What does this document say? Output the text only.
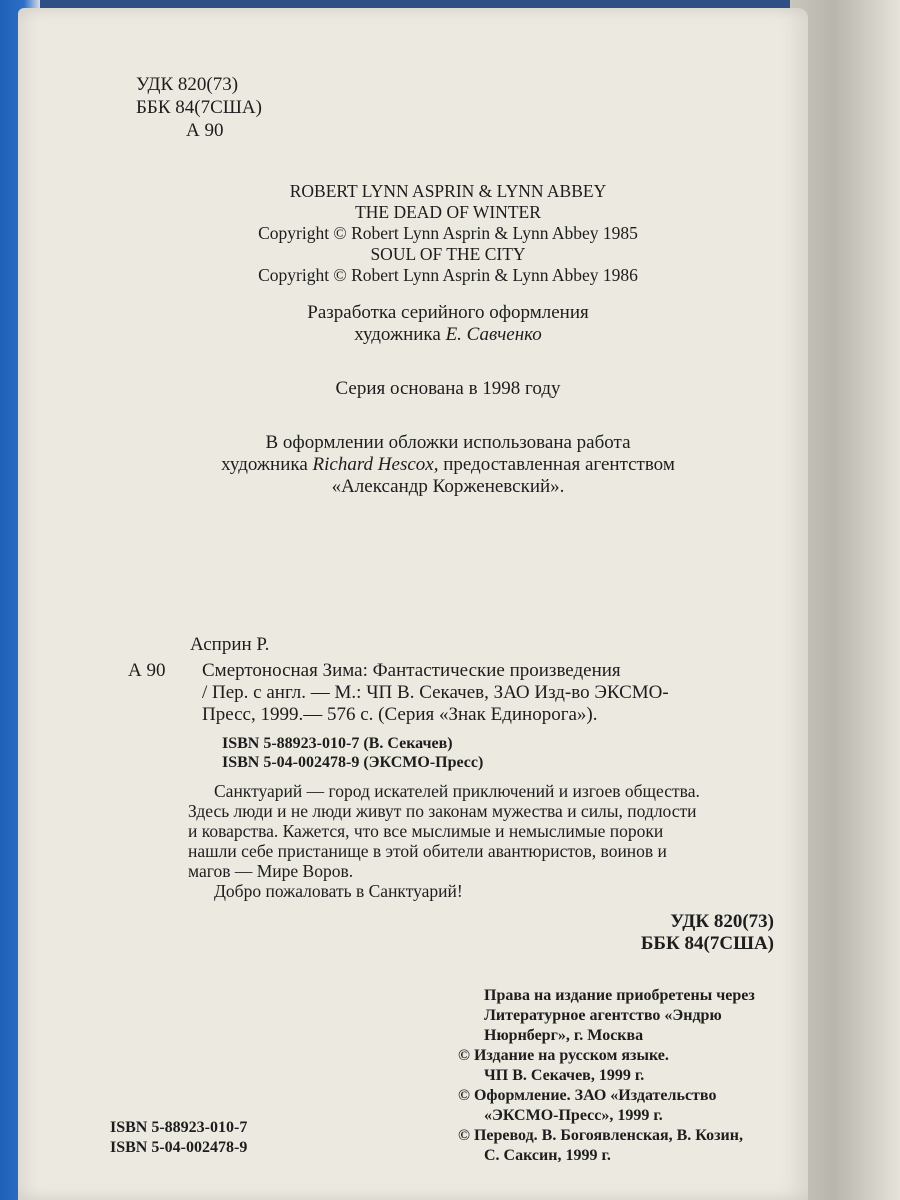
УДК 820(73)
ББК 84(7США)
А 90
ROBERT LYNN ASPRIN & LYNN ABBEY
THE DEAD OF WINTER
Copyright © Robert Lynn Asprin & Lynn Abbey 1985
SOUL OF THE CITY
Copyright © Robert Lynn Asprin & Lynn Abbey 1986
Разработка серийного оформления
художника Е. Савченко
Серия основана в 1998 году
В оформлении обложки использована работа
художника Richard Hescox, предоставленная агентством
«Александр Корженевский».
Асприн Р.
А 90 Смертоносная Зима: Фантастические произведения
/ Пер. с англ. — М.: ЧП В. Секачев, ЗАО Изд-во ЭКСМО-
Пресс, 1999.— 576 с. (Серия «Знак Единорога»).
ISBN 5-88923-010-7 (В. Секачев)
ISBN 5-04-002478-9 (ЭКСМО-Пресс)
Санктуарий — город искателей приключений и изгоев общества.
Здесь люди и не люди живут по законам мужества и силы, подлости
и коварства. Кажется, что все мыслимые и немыслимые пороки
нашли себе пристанище в этой обители авантюристов, воинов и
магов — Мире Воров.
Добро пожаловать в Санктуарий!
УДК 820(73)
ББК 84(7США)
Права на издание приобретены через
Литературное агентство «Эндрю
Нюрнберг», г. Москва
© Издание на русском языке.
ЧП В. Секачев, 1999 г.
© Оформление. ЗАО «Издательство
«ЭКСМО-Пресс», 1999 г.
© Перевод. В. Богоявленская, В. Козин,
С. Саксин, 1999 г.
ISBN 5-88923-010-7
ISBN 5-04-002478-9
